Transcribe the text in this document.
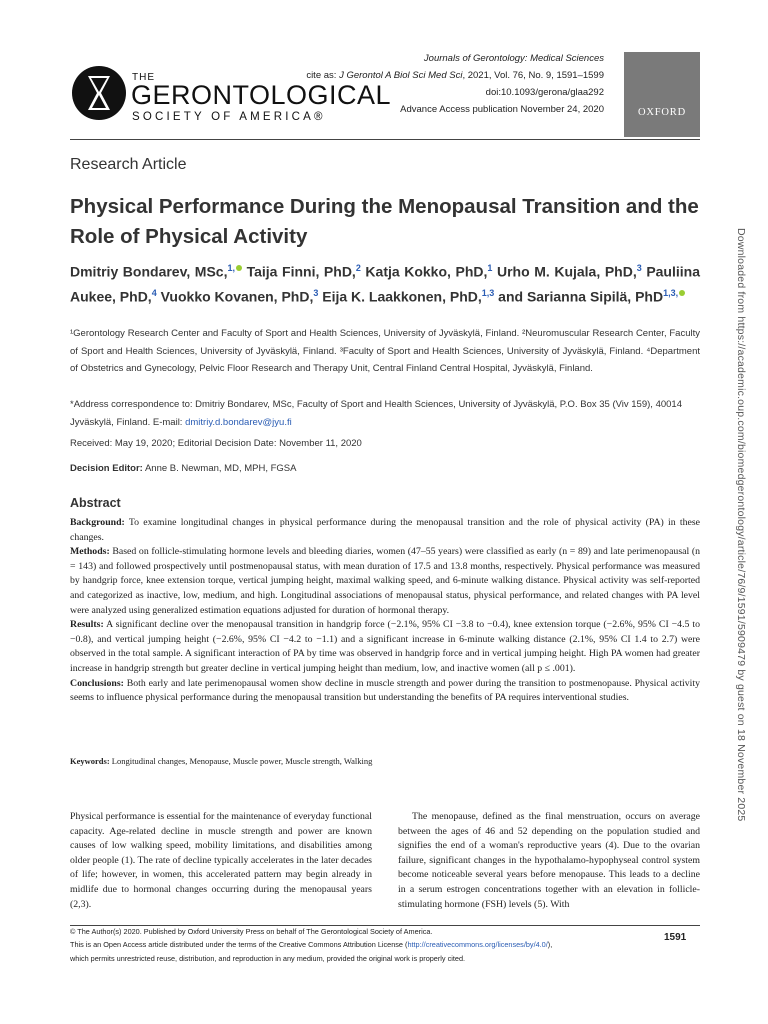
THE
GERONTOLOGICAL
SOCIETY OF AMERICA®
Journals of Gerontology: Medical Sciences
cite as: J Gerontol A Biol Sci Med Sci, 2021, Vol. 76, No. 9, 1591–1599
doi:10.1093/gerona/glaa292
Advance Access publication November 24, 2020	OXFORD
Research Article
Physical Performance During the Menopausal Transition and the Role of Physical Activity
Dmitriy Bondarev, MSc,$^{1,}$ Taija Finni, PhD,$^2$ Katja Kokko, PhD,$^1$ Urho M. Kujala, PhD,$^3$ Pauliina Aukee, PhD,$^4$ Vuokko Kovanen, PhD,$^3$ Eija K. Laakkonen, PhD,$^{1,3}$ and Sarianna Sipilä, PhD$^{1,3,}$
¹Gerontology Research Center and Faculty of Sport and Health Sciences, University of Jyväskylä, Finland. ²Neuromuscular Research Center, Faculty of Sport and Health Sciences, University of Jyväskylä, Finland. ³Faculty of Sport and Health Sciences, University of Jyväskylä, Finland. ⁴Department of Obstetrics and Gynecology, Pelvic Floor Research and Therapy Unit, Central Finland Central Hospital, Jyväskylä, Finland.
*Address correspondence to: Dmitriy Bondarev, MSc, Faculty of Sport and Health Sciences, University of Jyväskylä, P.O. Box 35 (Viv 159), 40014 Jyväskylä, Finland. E-mail: dmitriy.d.bondarev@jyu.fi
Received: May 19, 2020; Editorial Decision Date: November 11, 2020
Decision Editor: Anne B. Newman, MD, MPH, FGSA
Abstract

Background: To examine longitudinal changes in physical performance during the menopausal transition and the role of physical activity (PA) in these changes.

Methods: Based on follicle-stimulating hormone levels and bleeding diaries, women (47–55 years) were classified as early (n = 89) and late perimenopausal (n = 143) and followed prospectively until postmenopausal status, with mean duration of 17.5 and 13.8 months, respectively. Physical performance was measured by handgrip force, knee extension torque, vertical jumping height, maximal walking speed, and 6-minute walking distance. Physical activity was self-reported and categorized as inactive, low, medium, and high. Longitudinal associations of menopausal status, physical performance, and related changes with PA level were analyzed using generalized estimation equations adjusted for duration of hormonal therapy.

Results: A significant decline over the menopausal transition in handgrip force (−2.1%, 95% CI −3.8 to −0.4), knee extension torque (−2.6%, 95% CI −4.5 to −0.8), and vertical jumping height (−2.6%, 95% CI −4.2 to −1.1) and a significant increase in 6-minute walking distance (2.1%, 95% CI 1.4 to 2.7) were observed in the total sample. A significant interaction of PA by time was observed in handgrip force and in vertical jumping height. High PA women had greater increase in handgrip strength but greater decline in vertical jumping height than medium, low, and inactive women (all p ≤ .001).

Conclusions: Both early and late perimenopausal women show decline in muscle strength and power during the transition to postmenopause. Physical activity seems to influence physical performance during the menopausal transition but understanding the benefits of PA requires interventional studies.

Keywords: Longitudinal changes, Menopause, Muscle power, Muscle strength, Walking

Physical performance is essential for the maintenance of everyday functional capacity. Age-related decline in muscle strength and power are known causes of low walking speed, mobility limitations, and disabilities among older people (1). The rate of decline typically accelerates in the later decades of life; however, in women, this accelerated pattern may begin already in midlife due to hormonal changes occurring during the menopausal years (2,3).

The menopause, defined as the final menstruation, occurs on average between the ages of 46 and 52 depending on the population studied and signifies the end of a woman's reproductive years (4). Due to the ovarian failure, significant changes in the hypothalamo-hypophyseal control system become noticeable several years before menopause. This leads to a decline in a serum estrogen concentrations together with an elevation in follicle-stimulating hormone (FSH) levels (5). With

© The Author(s) 2020. Published by Oxford University Press on behalf of The Gerontological Society of America.
This is an Open Access article distributed under the terms of the Creative Commons Attribution License (http://creativecommons.org/licenses/by/4.0/),
which permits unrestricted reuse, distribution, and reproduction in any medium, provided the original work is properly cited.
1591
Downloaded from https://academic.oup.com/biomedgerontology/article/76/9/1591/5909479 by guest on 18 November 2025
